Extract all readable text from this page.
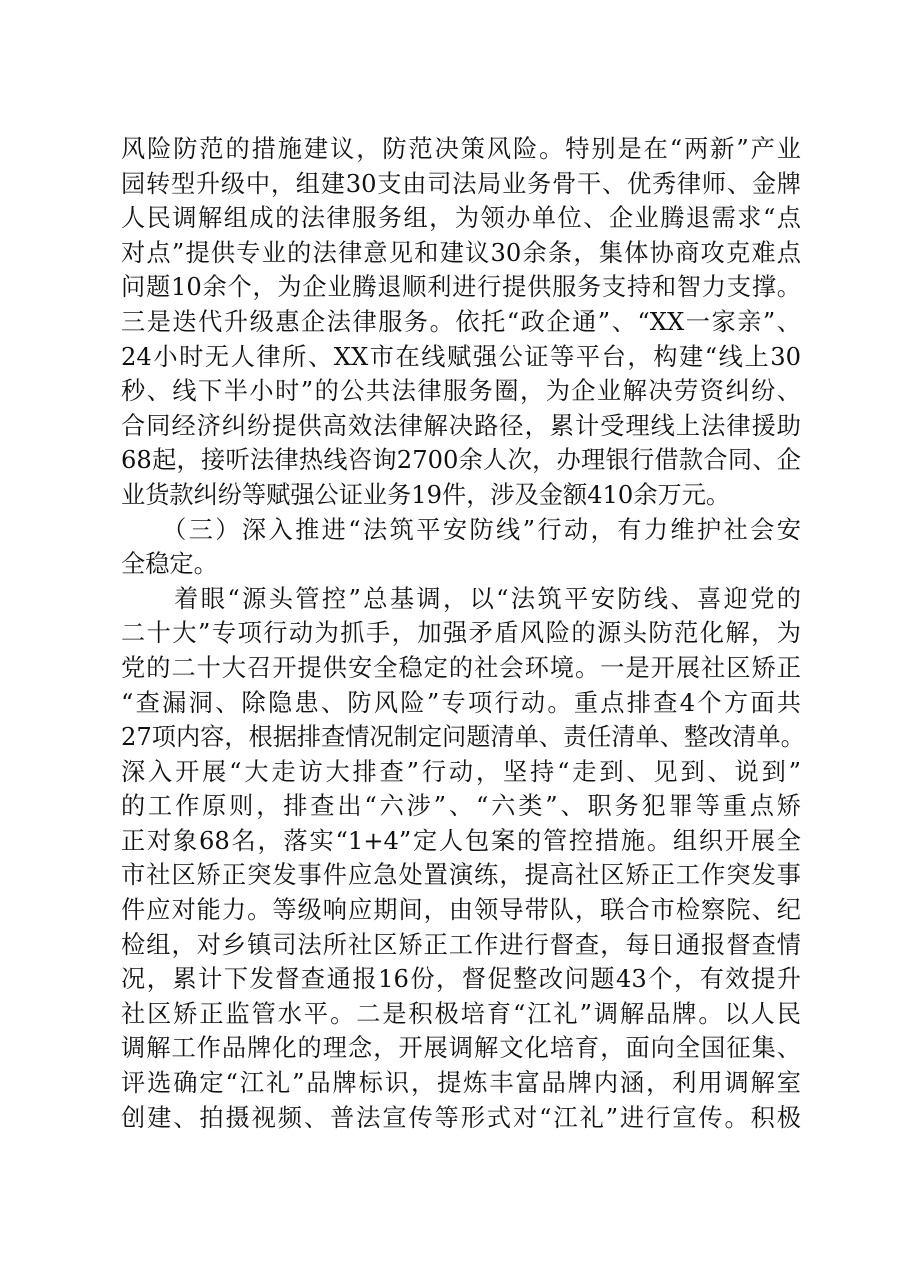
风险防范的措施建议，防范决策风险。特别是在“两新”产业
园转型升级中，组建30支由司法局业务骨干、优秀律师、金牌
人民调解组成的法律服务组，为领办单位、企业腾退需求“点
对点”提供专业的法律意见和建议30余条，集体协商攻克难点
问题10余个，为企业腾退顺利进行提供服务支持和智力支撑。
三是迭代升级惠企法律服务。依托“政企通”、“XX一家亲”、
24小时无人律所、XX市在线赋强公证等平台，构建“线上30
秒、线下半小时”的公共法律服务圈，为企业解决劳资纠纷、
合同经济纠纷提供高效法律解决路径，累计受理线上法律援助
68起，接听法律热线咨询2700余人次，办理银行借款合同、企
业货款纠纷等赋强公证业务19件，涉及金额410余万元。
　　（三）深入推进“法筑平安防线”行动，有力维护社会安
全稳定。
　　着眼“源头管控”总基调，以“法筑平安防线、喜迎党的
二十大”专项行动为抓手，加强矛盾风险的源头防范化解，为
党的二十大召开提供安全稳定的社会环境。一是开展社区矫正
“查漏洞、除隐患、防风险”专项行动。重点排查4个方面共
27项内容，根据排查情况制定问题清单、责任清单、整改清单。
深入开展“大走访大排查”行动，坚持“走到、见到、说到”
的工作原则，排查出“六涉”、“六类”、职务犯罪等重点矫
正对象68名，落实“1+4”定人包案的管控措施。组织开展全
市社区矫正突发事件应急处置演练，提高社区矫正工作突发事
件应对能力。等级响应期间，由领导带队，联合市检察院、纪
检组，对乡镇司法所社区矫正工作进行督查，每日通报督查情
况，累计下发督查通报16份，督促整改问题43个，有效提升
社区矫正监管水平。二是积极培育“江礼”调解品牌。以人民
调解工作品牌化的理念，开展调解文化培育，面向全国征集、
评选确定“江礼”品牌标识，提炼丰富品牌内涵，利用调解室
创建、拍摄视频、普法宣传等形式对“江礼”进行宣传。积极
